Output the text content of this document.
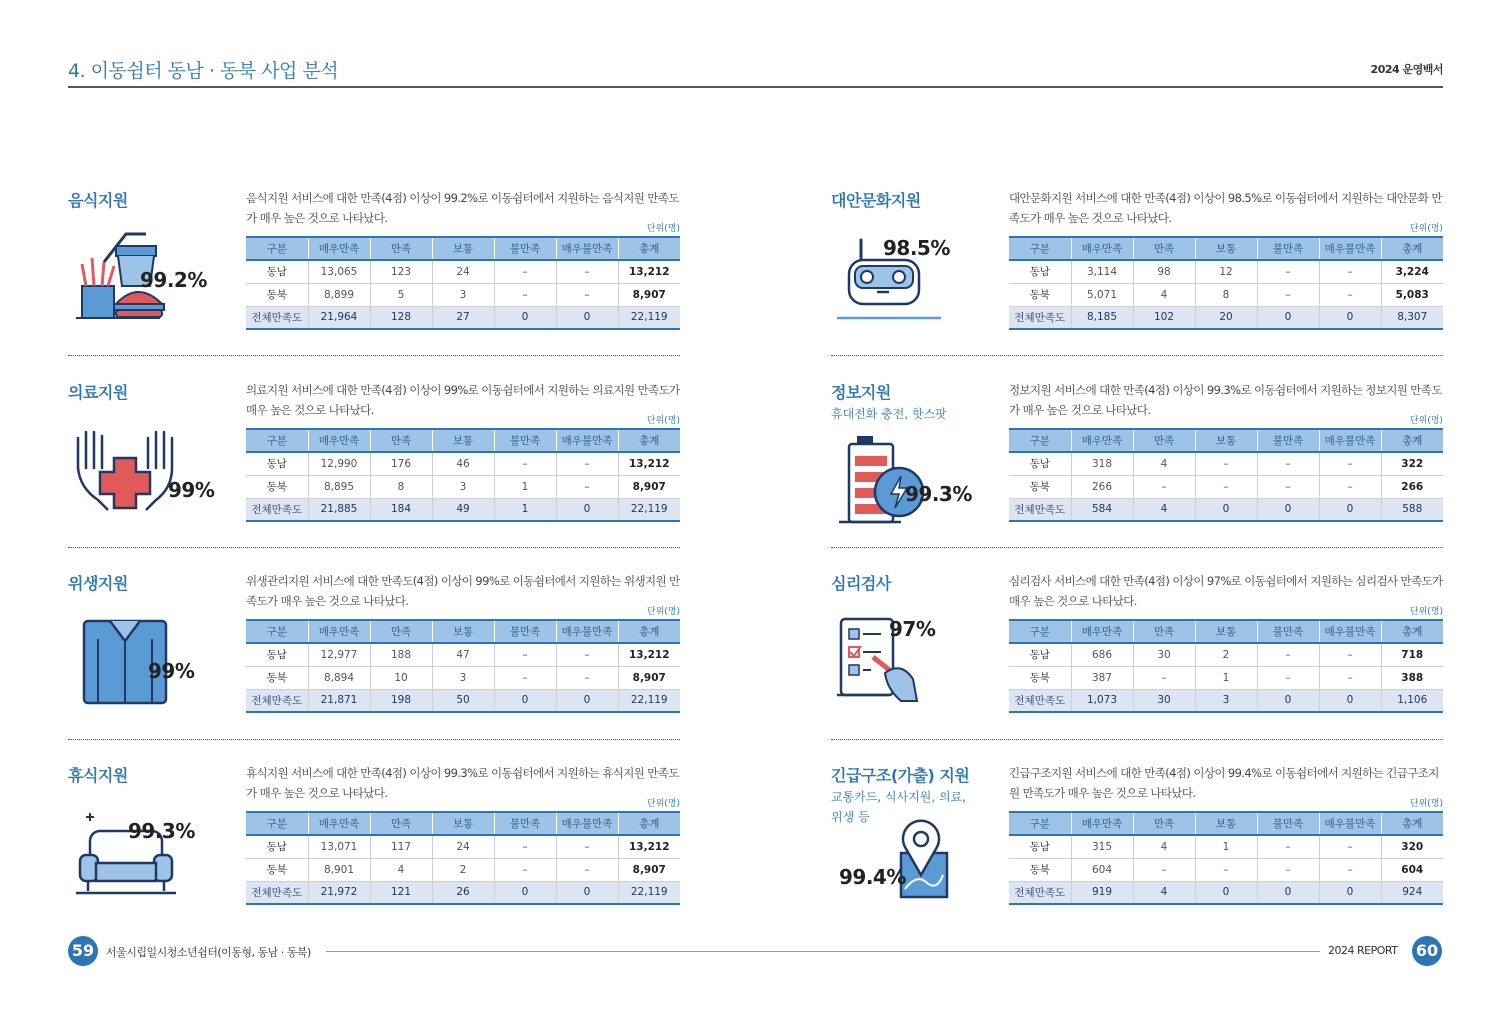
4. 이동쉼터 동남 · 동북 사업 분석	2024 운영백서
음식지원
99.2%
음식지원 서비스에 대한 만족(4점) 이상이 99.2%로 이동쉼터에서 지원하는 음식지원 만족도가 매우 높은 것으로 나타났다.
단위(명)
구분	매우만족	만족	보통	불만족	매우불만족	총계
동남	13,065	123	24	–	–	13,212
동북	8,899	5	3	–	–	8,907
전체만족도	21,964	128	27	0	0	22,119
의료지원
99%
의료지원 서비스에 대한 만족(4점) 이상이 99%로 이동쉼터에서 지원하는 의료지원 만족도가 매우 높은 것으로 나타났다.
단위(명)
구분	매우만족	만족	보통	불만족	매우불만족	총계
동남	12,990	176	46	–	–	13,212
동북	8,895	8	3	1	–	8,907
전체만족도	21,885	184	49	1	0	22,119
위생지원
99%
위생관리지원 서비스에 대한 만족도(4점) 이상이 99%로 이동쉼터에서 지원하는 위생지원 만족도가 매우 높은 것으로 나타났다.
단위(명)
구분	매우만족	만족	보통	불만족	매우불만족	총계
동남	12,977	188	47	–	–	13,212
동북	8,894	10	3	–	–	8,907
전체만족도	21,871	198	50	0	0	22,119
휴식지원
99.3%
휴식지원 서비스에 대한 만족(4점) 이상이 99.3%로 이동쉼터에서 지원하는 휴식지원 만족도가 매우 높은 것으로 나타났다.
단위(명)
구분	매우만족	만족	보통	불만족	매우불만족	총계
동남	13,071	117	24	–	–	13,212
동북	8,901	4	2	–	–	8,907
전체만족도	21,972	121	26	0	0	22,119
대안문화지원
98.5%
대안문화지원 서비스에 대한 만족(4점) 이상이 98.5%로 이동쉼터에서 지원하는 대안문화 만족도가 매우 높은 것으로 나타났다.
단위(명)
구분	매우만족	만족	보통	불만족	매우불만족	총계
동남	3,114	98	12	–	–	3,224
동북	5,071	4	8	–	–	5,083
전체만족도	8,185	102	20	0	0	8,307
정보지원
휴대전화 충전, 핫스팟
99.3%
정보지원 서비스에 대한 만족(4점) 이상이 99.3%로 이동쉼터에서 지원하는 정보지원 만족도가 매우 높은 것으로 나타났다.
단위(명)
구분	매우만족	만족	보통	불만족	매우불만족	총계
동남	318	4	–	–	–	322
동북	266	–	–	–	–	266
전체만족도	584	4	0	0	0	588
심리검사
97%
심리검사 서비스에 대한 만족(4점) 이상이 97%로 이동쉼터에서 지원하는 심리검사 만족도가 매우 높은 것으로 나타났다.
단위(명)
구분	매우만족	만족	보통	불만족	매우불만족	총계
동남	686	30	2	–	–	718
동북	387	–	1	–	–	388
전체만족도	1,073	30	3	0	0	1,106
긴급구조(가출) 지원
교통카드, 식사지원, 의료, 위생 등
99.4%
긴급구조지원 서비스에 대한 만족(4점) 이상이 99.4%로 이동쉼터에서 지원하는 긴급구조지원 만족도가 매우 높은 것으로 나타났다.
단위(명)
구분	매우만족	만족	보통	불만족	매우불만족	총계
동남	315	4	1	–	–	320
동북	604	–	–	–	–	604
전체만족도	919	4	0	0	0	924
59	서울시립일시청소년쉼터(이동형, 동남 · 동북)	2024 REPORT 60
